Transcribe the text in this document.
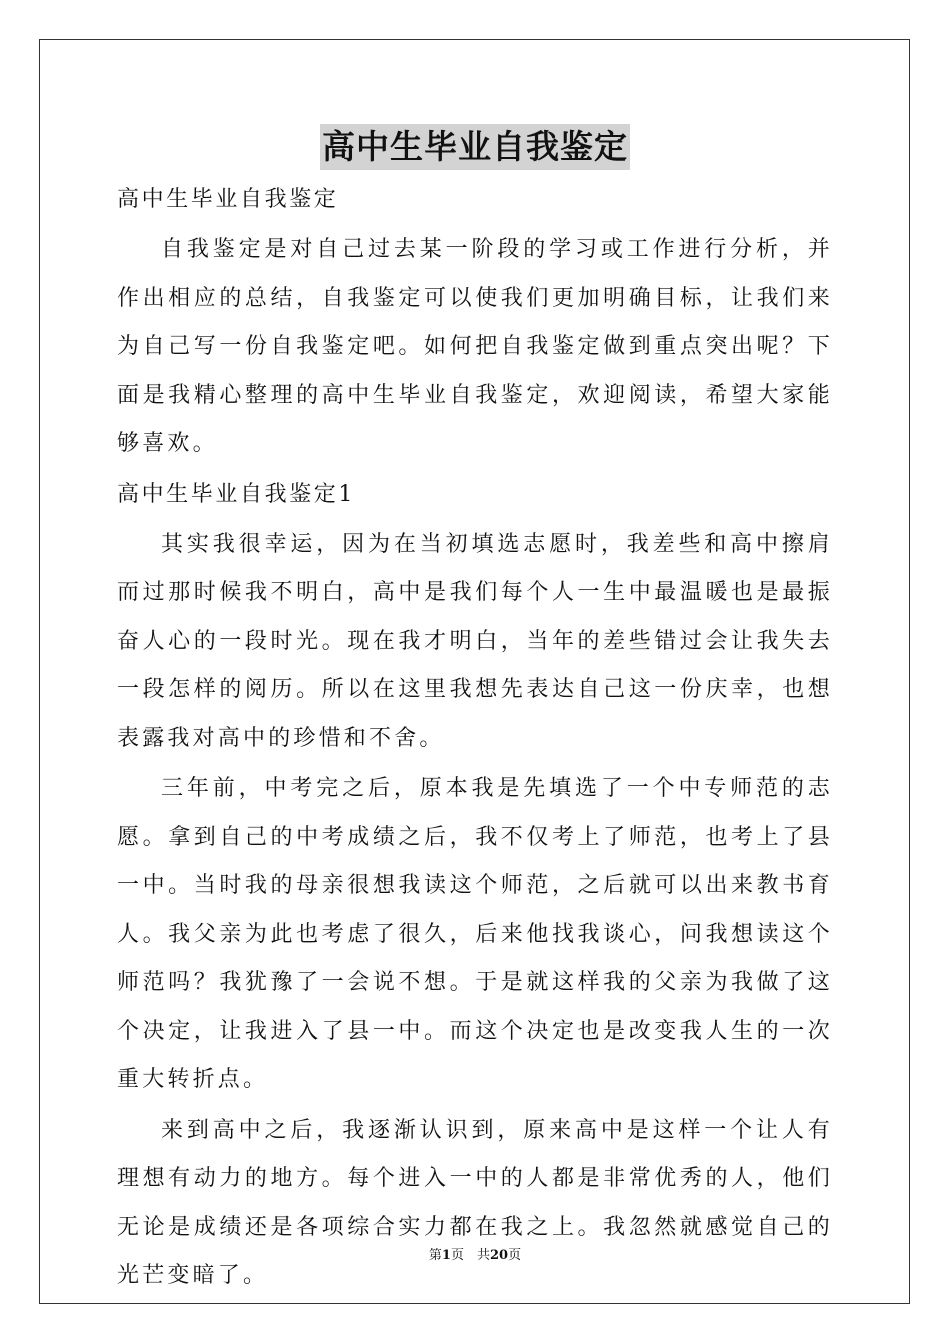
高中生毕业自我鉴定
高中生毕业自我鉴定

自我鉴定是对自己过去某一阶段的学习或工作进行分析，并作出相应的总结，自我鉴定可以使我们更加明确目标，让我们来为自己写一份自我鉴定吧。如何把自我鉴定做到重点突出呢？下面是我精心整理的高中生毕业自我鉴定，欢迎阅读，希望大家能够喜欢。

高中生毕业自我鉴定1

其实我很幸运，因为在当初填选志愿时，我差些和高中擦肩而过那时候我不明白，高中是我们每个人一生中最温暖也是最振奋人心的一段时光。现在我才明白，当年的差些错过会让我失去一段怎样的阅历。所以在这里我想先表达自己这一份庆幸，也想表露我对高中的珍惜和不舍。

三年前，中考完之后，原本我是先填选了一个中专师范的志愿。拿到自己的中考成绩之后，我不仅考上了师范，也考上了县一中。当时我的母亲很想我读这个师范，之后就可以出来教书育人。我父亲为此也考虑了很久，后来他找我谈心，问我想读这个师范吗？我犹豫了一会说不想。于是就这样我的父亲为我做了这个决定，让我进入了县一中。而这个决定也是改变我人生的一次重大转折点。

来到高中之后，我逐渐认识到，原来高中是这样一个让人有理想有动力的地方。每个进入一中的人都是非常优秀的人，他们无论是成绩还是各项综合实力都在我之上。我忽然就感觉自己的光芒变暗了。

第1页　共20页
